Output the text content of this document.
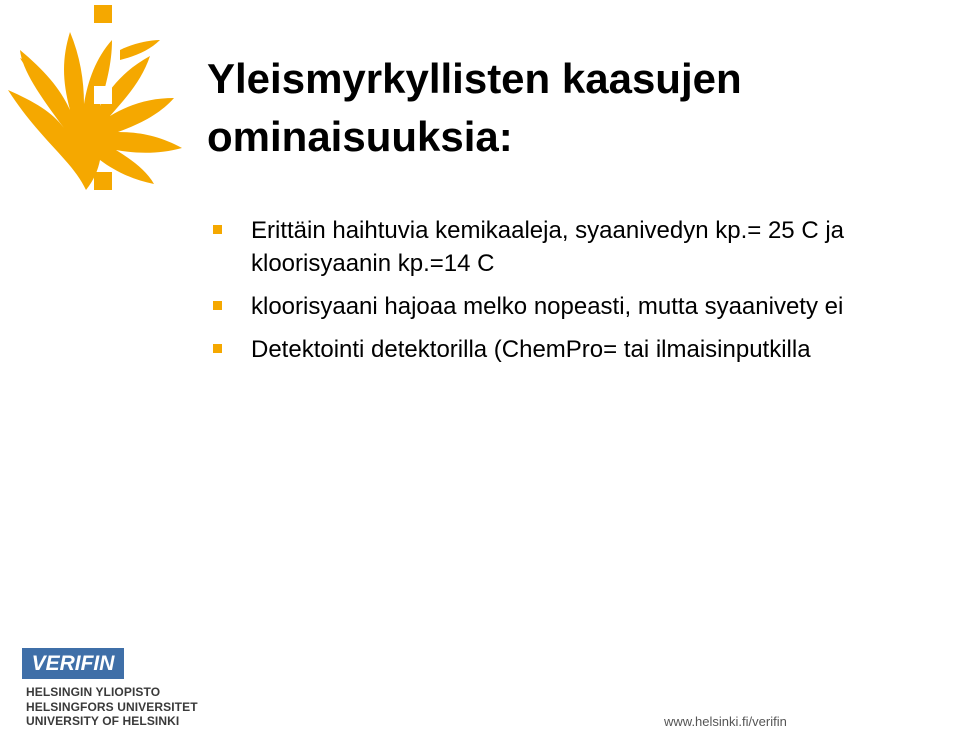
Yleismyrkyllisten kaasujen ominaisuuksia:
Erittäin haihtuvia kemikaaleja, syaanivedyn kp.= 25 C ja kloorisyaanin kp.=14 C
kloorisyaani hajoaa melko nopeasti, mutta syaanivety ei
Detektointi detektorilla (ChemPro= tai ilmaisinputkilla
VERIFIN
HELSINGIN YLIOPISTO
HELSINGFORS UNIVERSITET
UNIVERSITY OF HELSINKI	www.helsinki.fi/verifin
